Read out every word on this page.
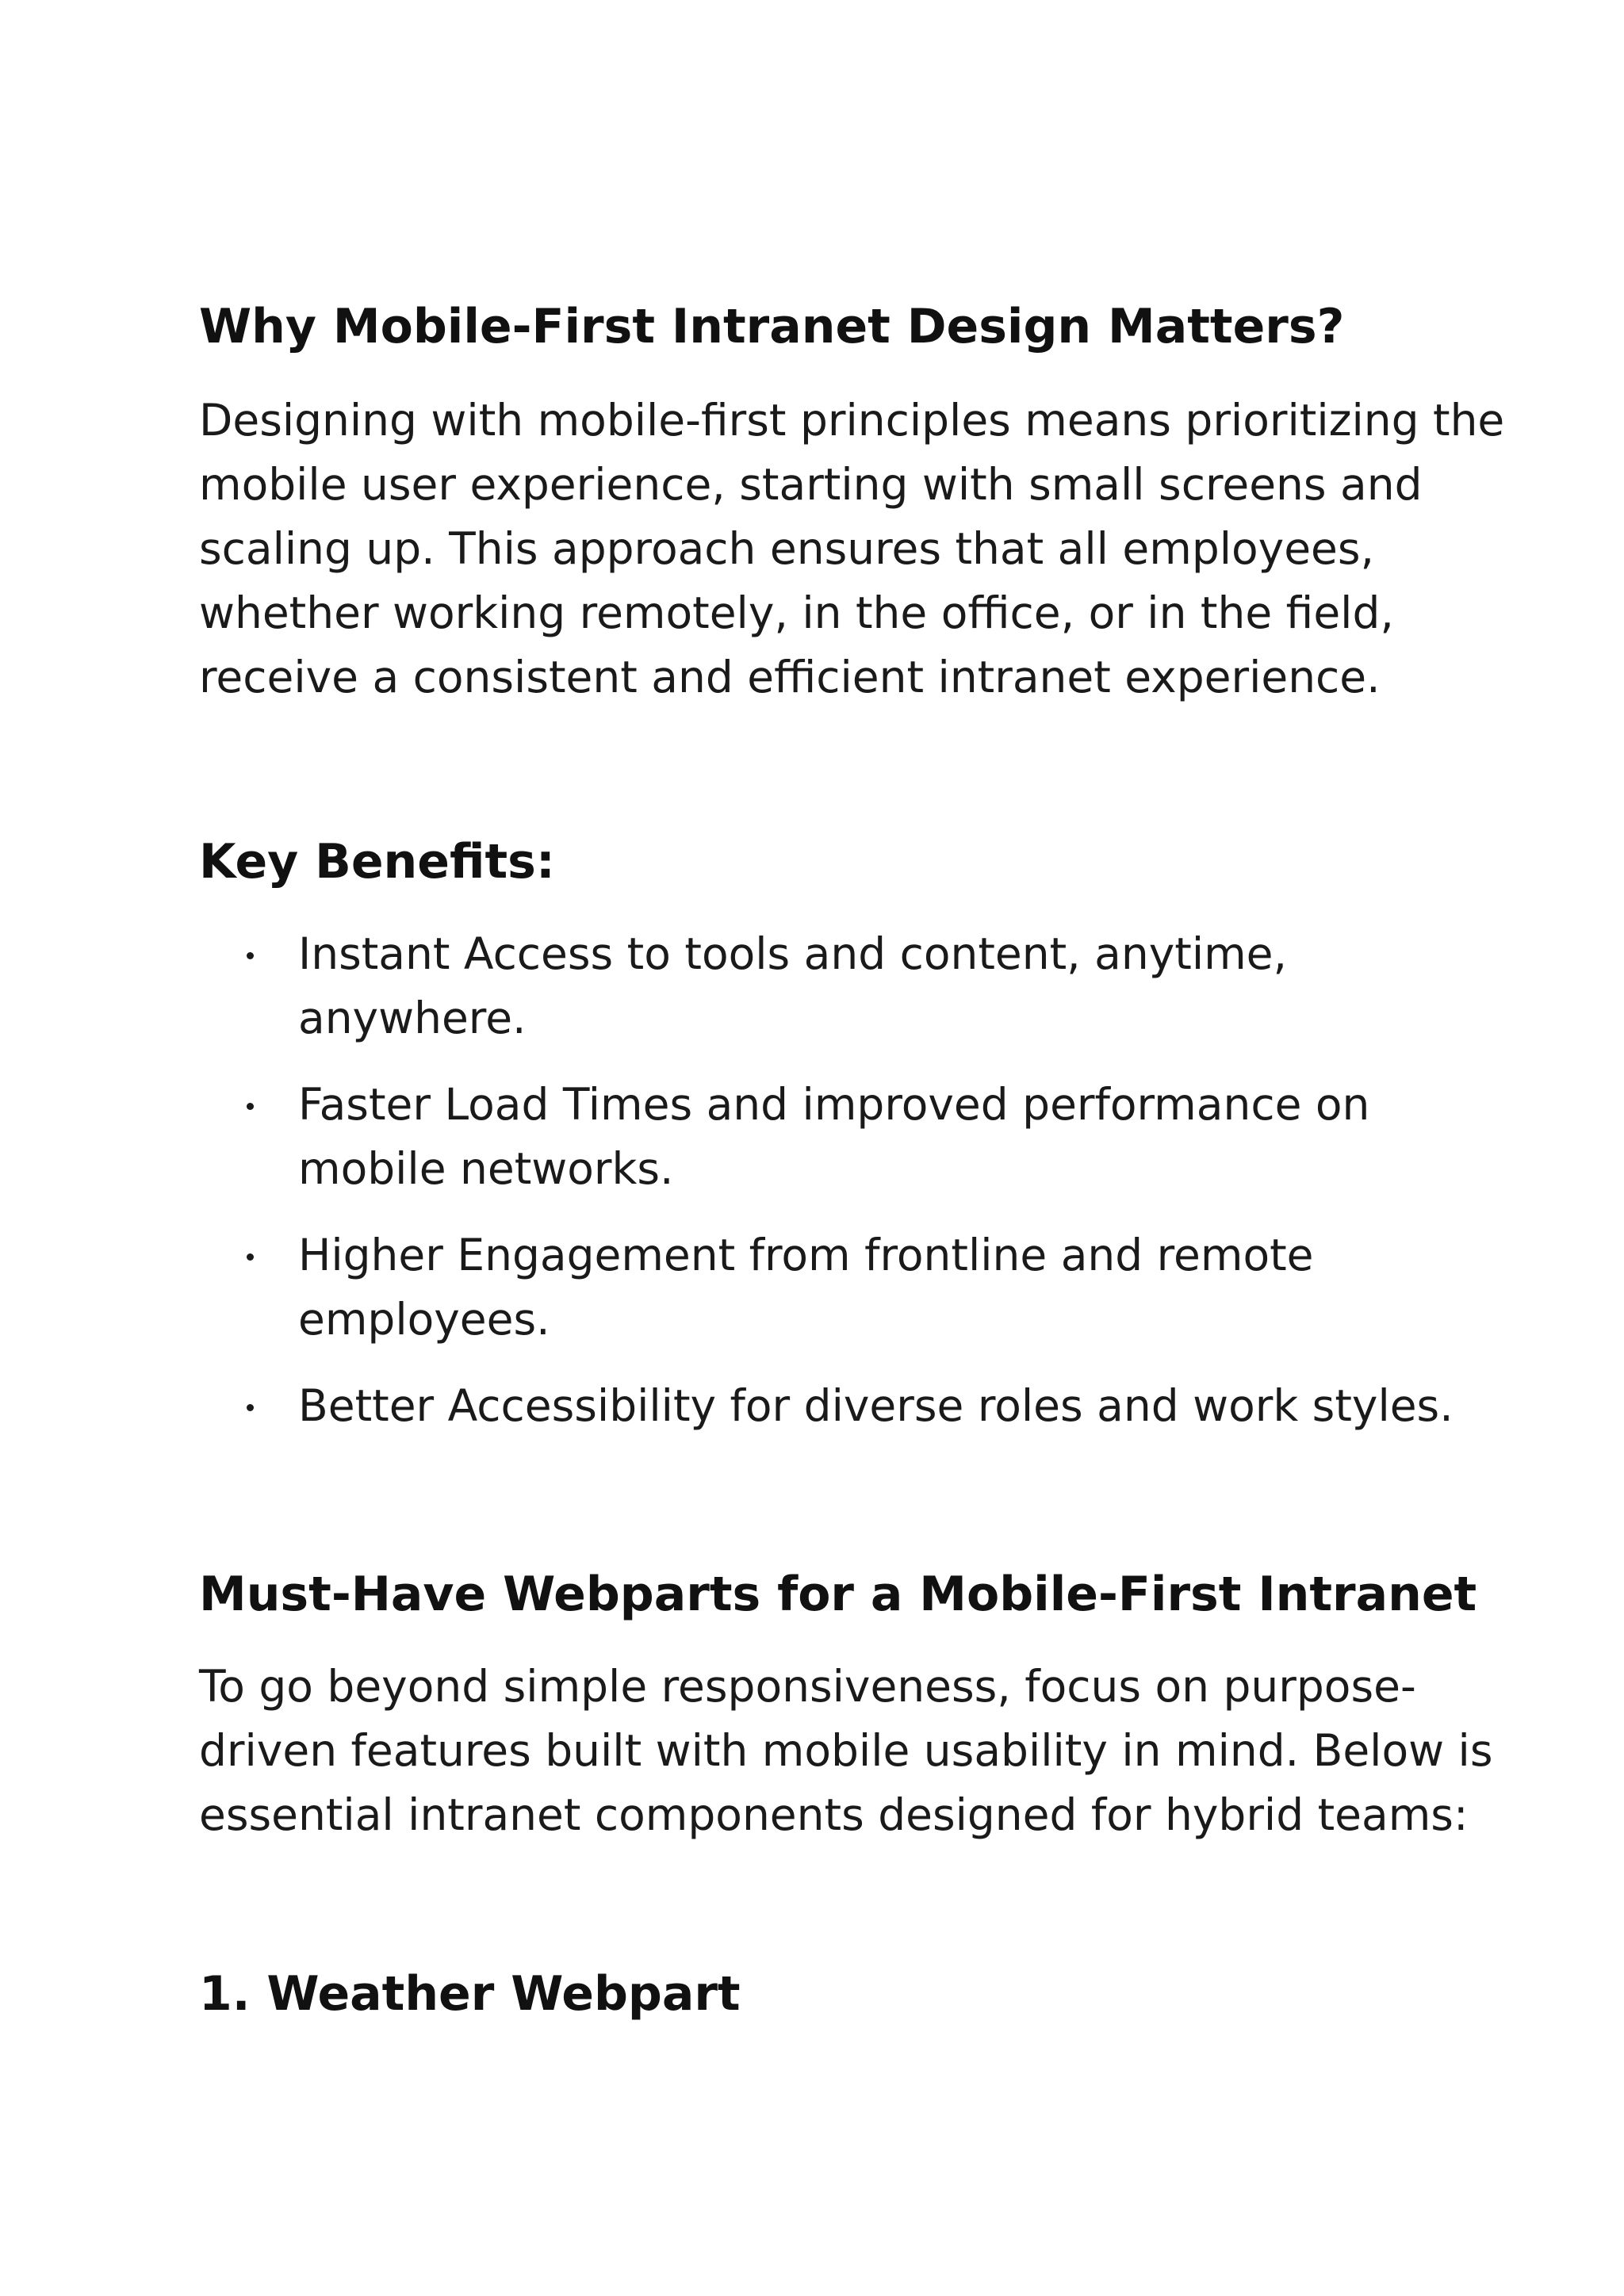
Why Mobile-First Intranet Design Matters?

Designing with mobile-first principles means prioritizing the
mobile user experience, starting with small screens and
scaling up. This approach ensures that all employees,
whether working remotely, in the office, or in the field,
receive a consistent and efficient intranet experience.

Key Benefits:
Instant Access to tools and content, anytime,
anywhere.
Faster Load Times and improved performance on
mobile networks.
Higher Engagement from frontline and remote
employees.
Better Accessibility for diverse roles and work styles.
Must-Have Webparts for a Mobile-First Intranet

To go beyond simple responsiveness, focus on purpose-
driven features built with mobile usability in mind. Below is
essential intranet components designed for hybrid teams:

1. Weather Webpart
